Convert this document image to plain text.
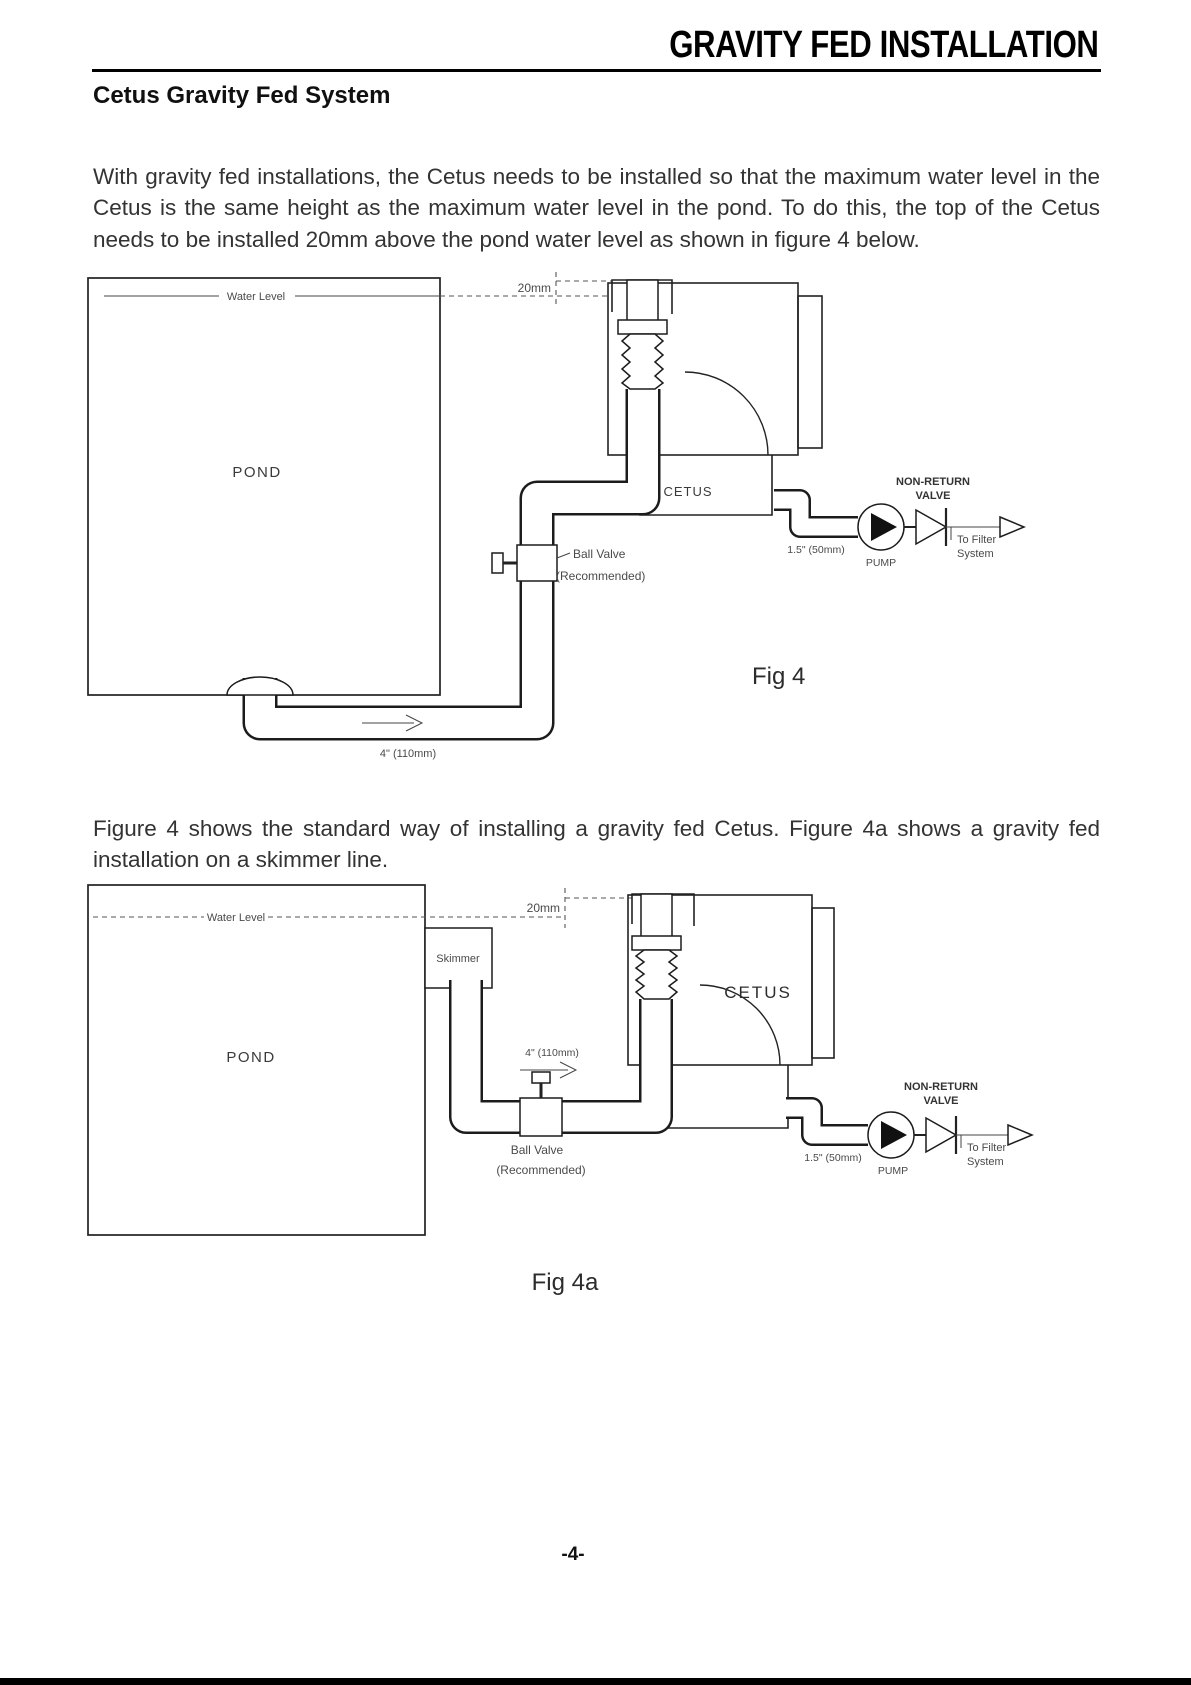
GRAVITY FED INSTALLATION
Cetus Gravity Fed System

With gravity fed installations, the Cetus needs to be installed so that the maximum water level in the Cetus is the same height as the maximum water level in the pond. To do this, the top of the Cetus needs to be installed 20mm above the pond water level as shown in figure 4 below.

Water Level
POND
20mm
CETUS
4" (110mm)
Ball Valve
(Recommended)
1.5" (50mm)
PUMP
NON-RETURN
VALVE
To Filter
System
Fig 4

Figure 4 shows the standard way of installing a gravity fed Cetus. Figure 4a shows a gravity fed installation on a skimmer line.

Water Level
POND
Skimmer
20mm
CETUS
4" (110mm)
Ball Valve
(Recommended)
1.5" (50mm)
PUMP
NON-RETURN
VALVE
To Filter
System
Fig 4a
-4-
